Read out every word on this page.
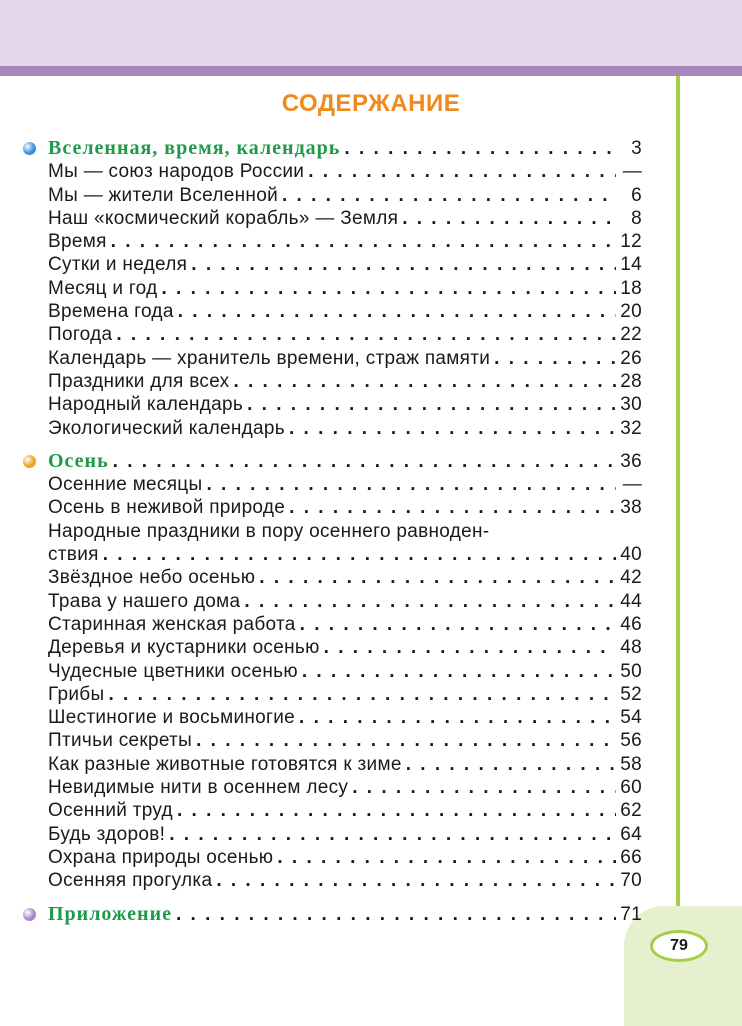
79
СОДЕРЖАНИЕ
Вселенная, время, календарь . . .	3
Мы — союз народов России . . .	—
Мы — жители Вселенной . . .	6
Наш «космический корабль» — Земля . . .	8
Время . . .	12
Сутки и неделя . . .	14
Месяц и год . . .	18
Времена года . . .	20
Погода . . .	22
Календарь — хранитель времени, страж памяти . . .	26
Праздники для всех . . .	28
Народный календарь . . .	30
Экологический календарь . . .	32
Осень . . .	36
Осенние месяцы . . .	—
Осень в неживой природе . . .	38
Народные праздники в пору осеннего равноден-
ствия . . .	40
Звёздное небо осенью . . .	42
Трава у нашего дома . . .	44
Старинная женская работа . . .	46
Деревья и кустарники осенью . . .	48
Чудесные цветники осенью . . .	50
Грибы . . .	52
Шестиногие и восьминогие . . .	54
Птичьи секреты . . .	56
Как разные животные готовятся к зиме . . .	58
Невидимые нити в осеннем лесу . . .	60
Осенний труд . . .	62
Будь здоров! . . .	64
Охрана природы осенью . . .	66
Осенняя прогулка . . .	70
Приложение . . .	71
